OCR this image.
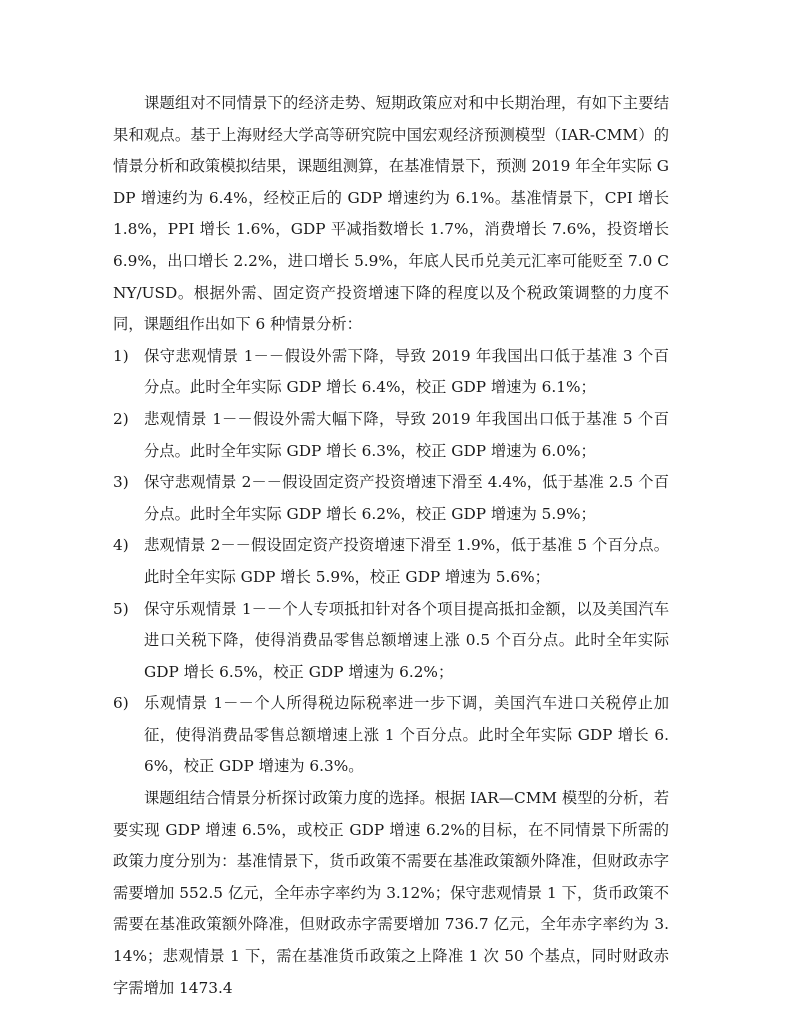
课题组对不同情景下的经济走势、短期政策应对和中长期治理，有如下主要结果和观点。基于上海财经大学高等研究院中国宏观经济预测模型（IAR-CMM）的情景分析和政策模拟结果，课题组测算，在基准情景下，预测 2019 年全年实际 GDP 增速约为 6.4%，经校正后的 GDP 增速约为 6.1%。基准情景下，CPI 增长 1.8%，PPI 增长 1.6%，GDP 平减指数增长 1.7%，消费增长 7.6%，投资增长 6.9%，出口增长 2.2%，进口增长 5.9%，年底人民币兑美元汇率可能贬至 7.0 CNY/USD。根据外需、固定资产投资增速下降的程度以及个税政策调整的力度不同，课题组作出如下 6 种情景分析：

1) 保守悲观情景 1－－假设外需下降，导致 2019 年我国出口低于基准 3 个百分点。此时全年实际 GDP 增长 6.4%，校正 GDP 增速为 6.1%；
2) 悲观情景 1－－假设外需大幅下降，导致 2019 年我国出口低于基准 5 个百分点。此时全年实际 GDP 增长 6.3%，校正 GDP 增速为 6.0%；
3) 保守悲观情景 2－－假设固定资产投资增速下滑至 4.4%，低于基准 2.5 个百分点。此时全年实际 GDP 增长 6.2%，校正 GDP 增速为 5.9%；
4) 悲观情景 2－－假设固定资产投资增速下滑至 1.9%，低于基准 5 个百分点。此时全年实际 GDP 增长 5.9%，校正 GDP 增速为 5.6%；
5) 保守乐观情景 1－－个人专项抵扣针对各个项目提高抵扣金额，以及美国汽车进口关税下降，使得消费品零售总额增速上涨 0.5 个百分点。此时全年实际 GDP 增长 6.5%，校正 GDP 增速为 6.2%；
6) 乐观情景 1－－个人所得税边际税率进一步下调，美国汽车进口关税停止加征，使得消费品零售总额增速上涨 1 个百分点。此时全年实际 GDP 增长 6.6%，校正 GDP 增速为 6.3%。

课题组结合情景分析探讨政策力度的选择。根据 IAR—CMM 模型的分析，若要实现 GDP 增速 6.5%，或校正 GDP 增速 6.2%的目标，在不同情景下所需的政策力度分别为：基准情景下，货币政策不需要在基准政策额外降准，但财政赤字需要增加 552.5 亿元，全年赤字率约为 3.12%；保守悲观情景 1 下，货币政策不需要在基准政策额外降准，但财政赤字需要增加 736.7 亿元，全年赤字率约为 3.14%；悲观情景 1 下，需在基准货币政策之上降准 1 次 50 个基点，同时财政赤字需增加 1473.4
